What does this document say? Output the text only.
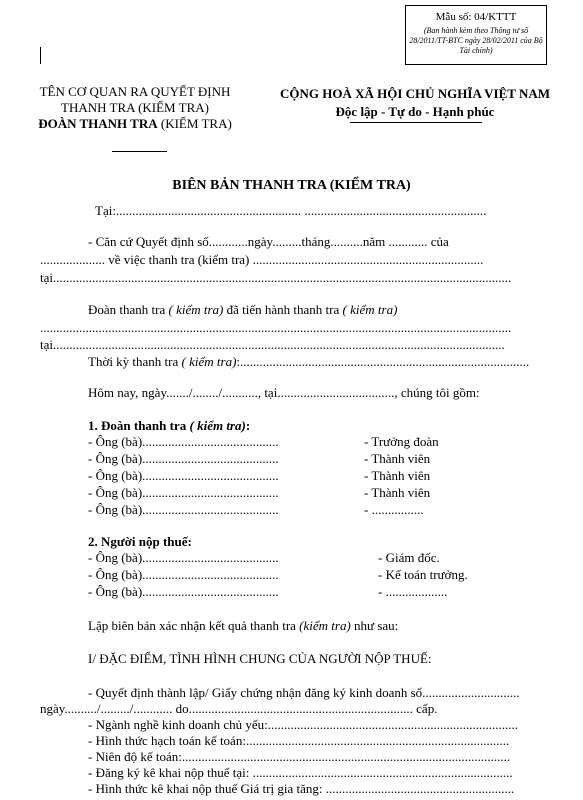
Mẫu số: 04/KTTT
(Ban hành kèm theo Thông tư số 28/2011/TT-BTC ngày 28/02/2011 của Bộ Tài chính)
TÊN CƠ QUAN RA QUYẾT ĐỊNH
THANH TRA (KIỂM TRA)
ĐOÀN THANH TRA (KIỂM TRA)
CỘNG HOÀ XÃ HỘI CHỦ NGHĨA VIỆT NAM
Độc lập - Tự do - Hạnh phúc
BIÊN BẢN THANH TRA (KIỂM TRA)
Tại:......................................................... ........................................................
- Căn cứ Quyết định số............ngày.........tháng..........năm ............ của
.................... về việc thanh tra (kiểm tra) .......................................................................
tại.............................................................................................................................................
Đoàn thanh tra ( kiểm tra) đã tiến hành thanh tra ( kiểm tra)
.................................................................................................................................................
tại...........................................................................................................................................
Thời kỳ thanh tra ( kiểm tra):.........................................................................................
Hôm nay, ngày......./......../..........., tại...................................., chúng tôi gồm:
1. Đoàn thanh tra ( kiểm tra):
- Ông (bà)..........................................	- Trưởng đoàn
- Ông (bà)..........................................	- Thành viên
- Ông (bà)..........................................	- Thành viên
- Ông (bà)..........................................	- Thành viên
- Ông (bà)..........................................	- ................
2. Người nộp thuế:
- Ông (bà)..........................................	- Giám đốc.
- Ông (bà)..........................................	- Kế toán trưởng.
- Ông (bà)..........................................	- ...................
Lập biên bản xác nhận kết quả thanh tra (kiểm tra) như sau:
I/ ĐẶC ĐIỂM, TÌNH HÌNH CHUNG CỦA NGƯỜI NỘP THUẾ:
- Quyết định thành lập/ Giấy chứng nhận đăng ký kinh doanh số..............................
ngày........../........./............ do..................................................................... cấp.
- Ngành nghề kinh doanh chủ yếu:.............................................................................
- Hình thức hạch toán kế toán:.................................................................................
- Niên độ kế toán:.....................................................................................................
- Đăng ký kê khai nộp thuế tại: ................................................................................
- Hình thức kê khai nộp thuế Giá trị gia tăng: ..........................................................
